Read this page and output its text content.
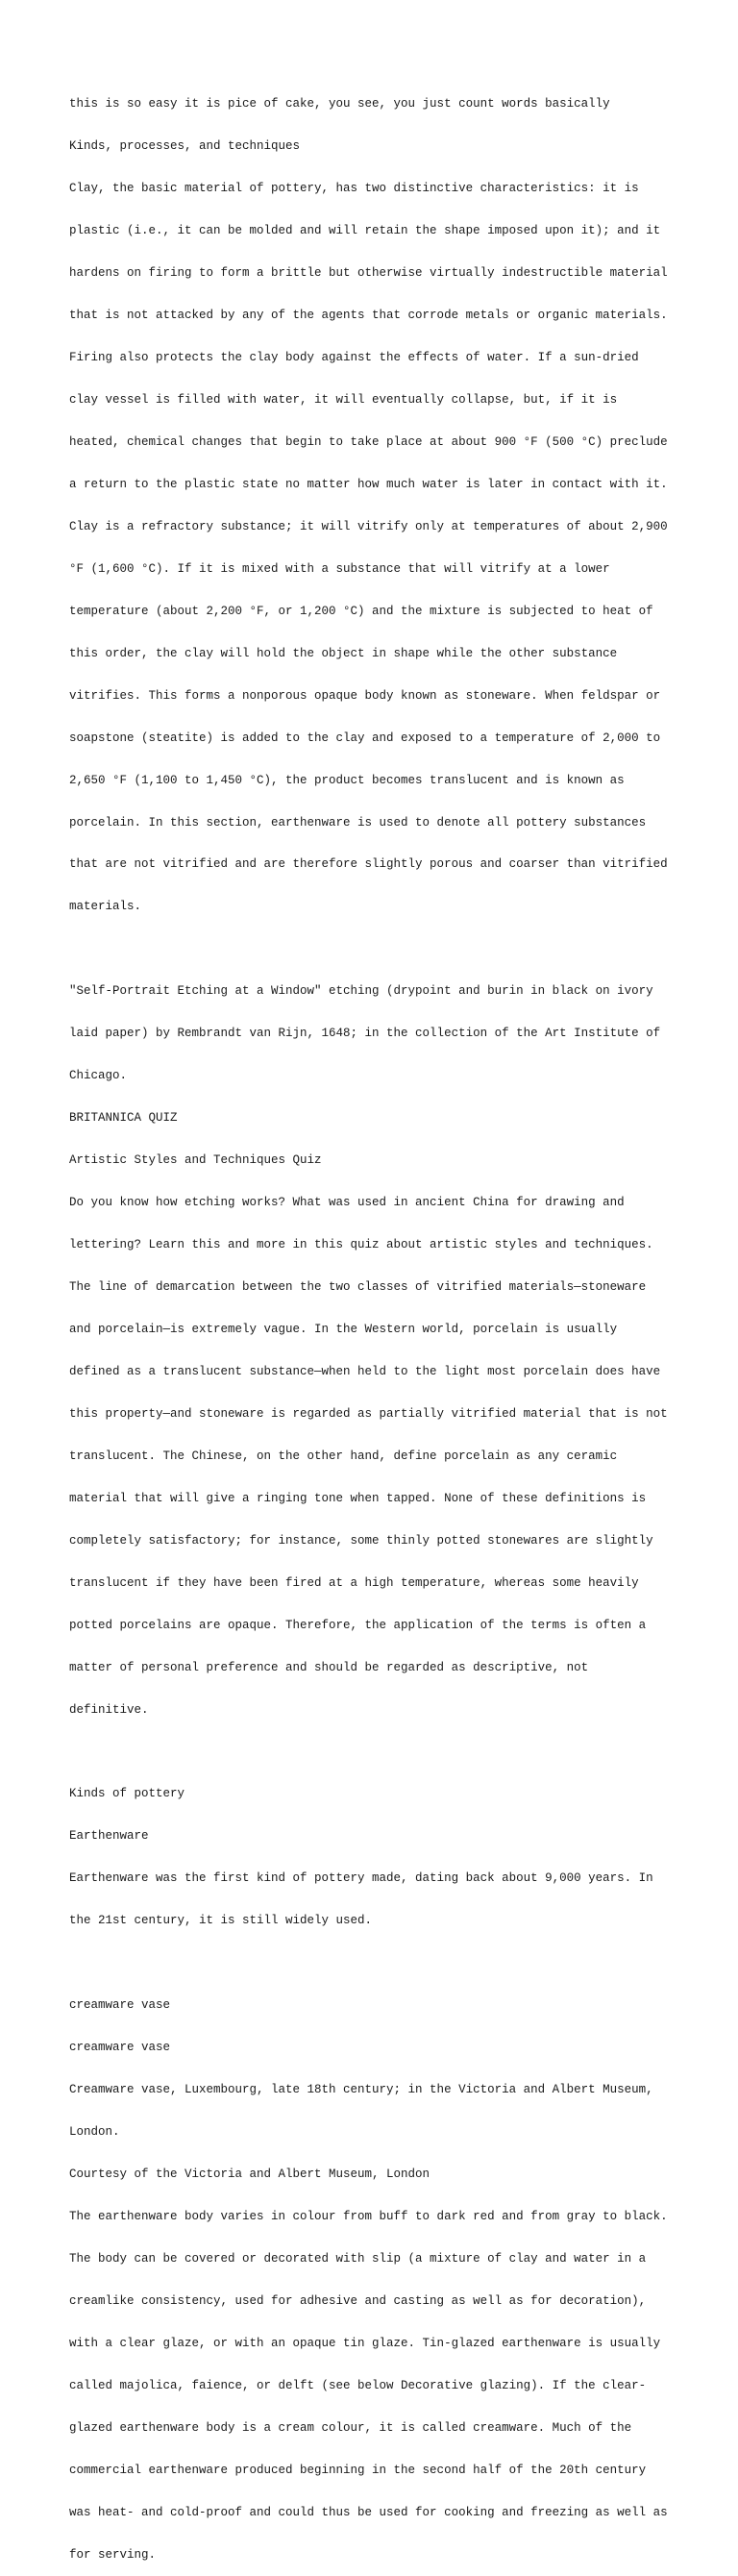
this is so easy it is pice of cake, you see, you just count words basically

Kinds, processes, and techniques

Clay, the basic material of pottery, has two distinctive characteristics: it is

plastic (i.e., it can be molded and will retain the shape imposed upon it); and it

hardens on firing to form a brittle but otherwise virtually indestructible material

that is not attacked by any of the agents that corrode metals or organic materials.

Firing also protects the clay body against the effects of water. If a sun-dried

clay vessel is filled with water, it will eventually collapse, but, if it is

heated, chemical changes that begin to take place at about 900 °F (500 °C) preclude

a return to the plastic state no matter how much water is later in contact with it.

Clay is a refractory substance; it will vitrify only at temperatures of about 2,900

°F (1,600 °C). If it is mixed with a substance that will vitrify at a lower

temperature (about 2,200 °F, or 1,200 °C) and the mixture is subjected to heat of

this order, the clay will hold the object in shape while the other substance

vitrifies. This forms a nonporous opaque body known as stoneware. When feldspar or

soapstone (steatite) is added to the clay and exposed to a temperature of 2,000 to

2,650 °F (1,100 to 1,450 °C), the product becomes translucent and is known as

porcelain. In this section, earthenware is used to denote all pottery substances

that are not vitrified and are therefore slightly porous and coarser than vitrified

materials.

"Self-Portrait Etching at a Window" etching (drypoint and burin in black on ivory

laid paper) by Rembrandt van Rijn, 1648; in the collection of the Art Institute of

Chicago.

BRITANNICA QUIZ

Artistic Styles and Techniques Quiz

Do you know how etching works? What was used in ancient China for drawing and

lettering? Learn this and more in this quiz about artistic styles and techniques.

The line of demarcation between the two classes of vitrified materials—stoneware

and porcelain—is extremely vague. In the Western world, porcelain is usually

defined as a translucent substance—when held to the light most porcelain does have

this property—and stoneware is regarded as partially vitrified material that is not

translucent. The Chinese, on the other hand, define porcelain as any ceramic

material that will give a ringing tone when tapped. None of these definitions is

completely satisfactory; for instance, some thinly potted stonewares are slightly

translucent if they have been fired at a high temperature, whereas some heavily

potted porcelains are opaque. Therefore, the application of the terms is often a

matter of personal preference and should be regarded as descriptive, not

definitive.

Kinds of pottery

Earthenware

Earthenware was the first kind of pottery made, dating back about 9,000 years. In

the 21st century, it is still widely used.

creamware vase

creamware vase

Creamware vase, Luxembourg, late 18th century; in the Victoria and Albert Museum,

London.

Courtesy of the Victoria and Albert Museum, London

The earthenware body varies in colour from buff to dark red and from gray to black.

The body can be covered or decorated with slip (a mixture of clay and water in a

creamlike consistency, used for adhesive and casting as well as for decoration),

with a clear glaze, or with an opaque tin glaze. Tin-glazed earthenware is usually

called majolica, faience, or delft (see below Decorative glazing). If the clear-

glazed earthenware body is a cream colour, it is called creamware. Much of the

commercial earthenware produced beginning in the second half of the 20th century

was heat- and cold-proof and could thus be used for cooking and freezing as well as

for serving.
